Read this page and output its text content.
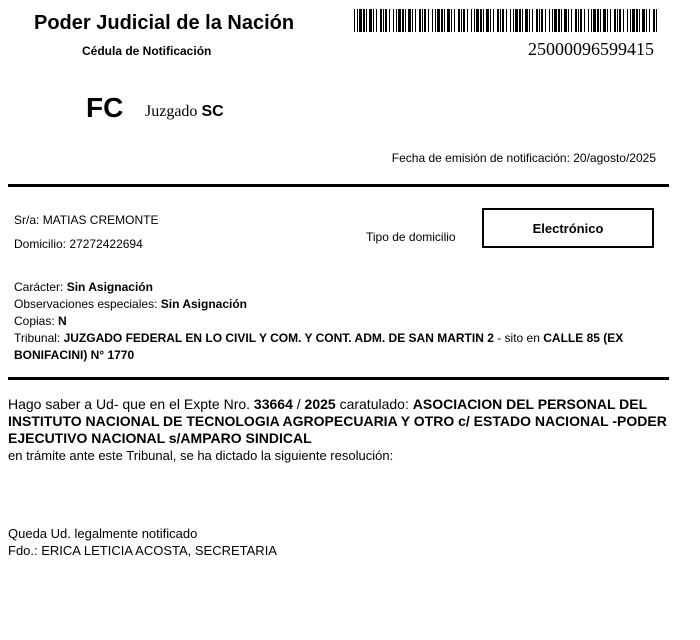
Poder Judicial de la Nación
Cédula de Notificación	25000096599415
FC Juzgado SC
Fecha de emisión de notificación: 20/agosto/2025
Sr/a: MATIAS CREMONTE
Domicilio: 27272422694	Tipo de domicilio
Electrónico
Carácter: Sin Asignación
Observaciones especiales: Sin Asignación
Copias: N
Tribunal: JUZGADO FEDERAL EN LO CIVIL Y COM. Y CONT. ADM. DE SAN MARTIN 2 - sito en CALLE 85 (EX BONIFACINI) N° 1770
Hago saber a Ud- que en el Expte Nro. 33664 / 2025 caratulado: ASOCIACION DEL PERSONAL DEL INSTITUTO NACIONAL DE TECNOLOGIA AGROPECUARIA Y OTRO c/ ESTADO NACIONAL -PODER EJECUTIVO NACIONAL s/AMPARO SINDICAL
en trámite ante este Tribunal, se ha dictado la siguiente resolución:
Queda Ud. legalmente notificado
Fdo.: ERICA LETICIA ACOSTA, SECRETARIA
